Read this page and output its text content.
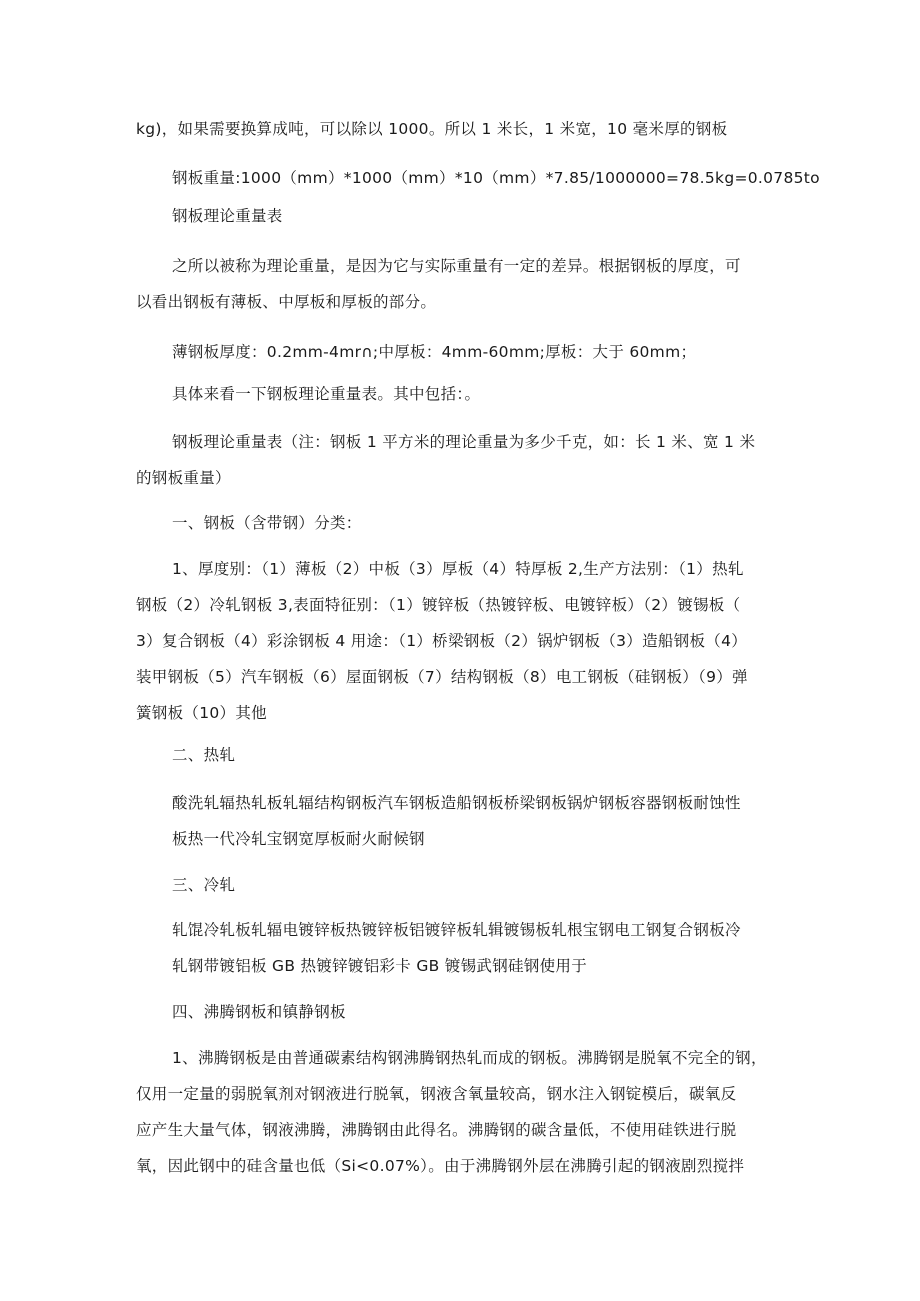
kg)，如果需要换算成吨，可以除以 1000。所以 1 米长，1 米宽，10 毫米厚的钢板
钢板重量:1000（mm）*1000（mm）*10（mm）*7.85∕1000000=78.5kg=0.0785to
钢板理论重量表
之所以被称为理论重量，是因为它与实际重量有一定的差异。根据钢板的厚度，可
以看出钢板有薄板、中厚板和厚板的部分。
薄钢板厚度：0.2mm-4mr∩;中厚板：4mm-60mm;厚板：大于 60mm；
具体来看一下钢板理论重量表。其中包括：。
钢板理论重量表（注：钢板 1 平方米的理论重量为多少千克，如：长 1 米、宽 1 米
的钢板重量）
一、钢板（含带钢）分类：
1、厚度别：（1）薄板（2）中板（3）厚板（4）特厚板 2,生产方法别：（1）热轧
钢板（2）冷轧钢板 3,表面特征别：（1）镀锌板（热镀锌板、电镀锌板）（2）镀锡板（
3）复合钢板（4）彩涂钢板 4 用途：（1）桥梁钢板（2）锅炉钢板（3）造船钢板（4）
装甲钢板（5）汽车钢板（6）屋面钢板（7）结构钢板（8）电工钢板（硅钢板）（9）弹
簧钢板（10）其他
二、热轧
酸洗轧辐热轧板轧辐结构钢板汽车钢板造船钢板桥梁钢板锅炉钢板容器钢板耐蚀性
板热一代冷轧宝钢宽厚板耐火耐候钢
三、冷轧
轧馄冷轧板轧辐电镀锌板热镀锌板铝镀锌板轧辑镀锡板轧根宝钢电工钢复合钢板冷
轧钢带镀铝板 GB 热镀锌镀铝彩卡 GB 镀锡武钢硅钢使用于
四、沸腾钢板和镇静钢板
1、沸腾钢板是由普通碳素结构钢沸腾钢热轧而成的钢板。沸腾钢是脱氧不完全的钢，
仅用一定量的弱脱氧剂对钢液进行脱氧，钢液含氧量较高，钢水注入钢锭模后，碳氧反
应产生大量气体，钢液沸腾，沸腾钢由此得名。沸腾钢的碳含量低，不使用硅铁进行脱
氧，因此钢中的硅含量也低（Si<0.07%）。由于沸腾钢外层在沸腾引起的钢液剧烈搅拌
